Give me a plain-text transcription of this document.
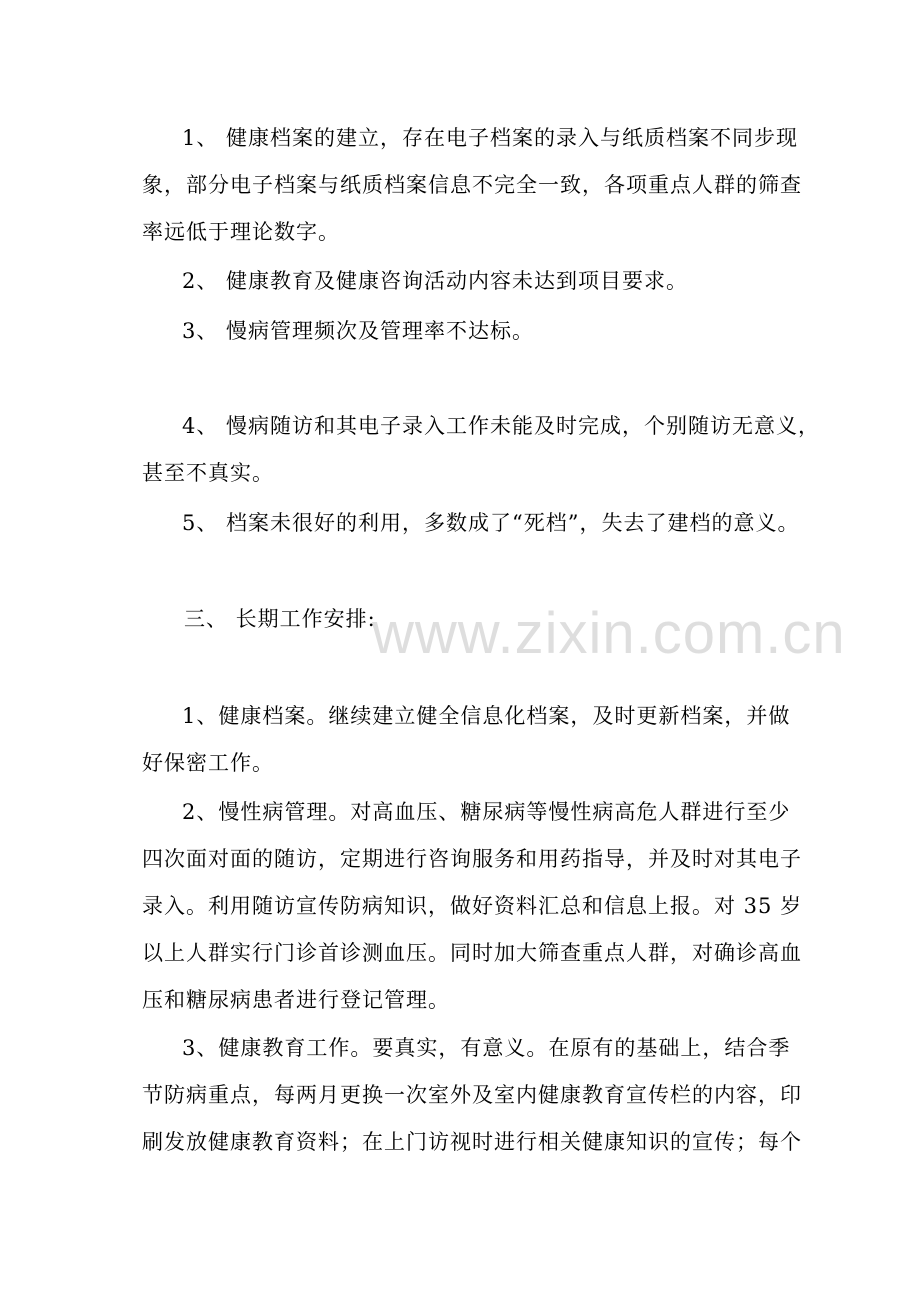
1、 健康档案的建立，存在电子档案的录入与纸质档案不同步现
象，部分电子档案与纸质档案信息不完全一致，各项重点人群的筛查
率远低于理论数字。
2、 健康教育及健康咨询活动内容未达到项目要求。
3、 慢病管理频次及管理率不达标。
4、 慢病随访和其电子录入工作未能及时完成，个别随访无意义，
甚至不真实。
5、 档案未很好的利用，多数成了“死档”，失去了建档的意义。
www.zixin.com.cn
三、 长期工作安排:
1、健康档案。继续建立健全信息化档案，及时更新档案，并做
好保密工作。
2、慢性病管理。对高血压、糖尿病等慢性病高危人群进行至少
四次面对面的随访，定期进行咨询服务和用药指导，并及时对其电子
录入。利用随访宣传防病知识，做好资料汇总和信息上报。对 35 岁
以上人群实行门诊首诊测血压。同时加大筛查重点人群，对确诊高血
压和糖尿病患者进行登记管理。
3、健康教育工作。要真实，有意义。在原有的基础上，结合季
节防病重点，每两月更换一次室外及室内健康教育宣传栏的内容，印
刷发放健康教育资料；在上门访视时进行相关健康知识的宣传；每个
